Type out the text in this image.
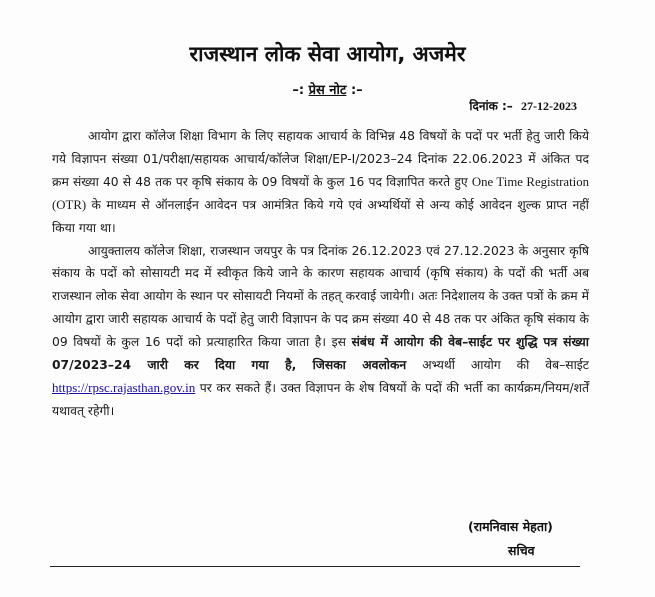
राजस्थान लोक सेवा आयोग, अजमेर
–: प्रेस नोट :–
दिनांक :– 27-12-2023

आयोग द्वारा कॉलेज शिक्षा विभाग के लिए सहायक आचार्य के विभिन्न 48 विषयों के पदों पर भर्ती हेतु जारी किये गये विज्ञापन संख्या 01/परीक्षा/सहायक आचार्य/कॉलेज शिक्षा/EP-I/2023–24 दिनांक 22.06.2023 में अंकित पद क्रम संख्या 40 से 48 तक पर कृषि संकाय के 09 विषयों के कुल 16 पद विज्ञापित करते हुए One Time Registration (OTR) के माध्यम से ऑनलाईन आवेदन पत्र आमंत्रित किये गये एवं अभ्यर्थियों से अन्य कोई आवेदन शुल्क प्राप्त नहीं किया गया था।

आयुक्तालय कॉलेज शिक्षा, राजस्थान जयपुर के पत्र दिनांक 26.12.2023 एवं 27.12.2023 के अनुसार कृषि संकाय के पदों को सोसायटी मद में स्वीकृत किये जाने के कारण सहायक आचार्य (कृषि संकाय) के पदों की भर्ती अब राजस्थान लोक सेवा आयोग के स्थान पर सोसायटी नियमों के तहत् करवाई जायेगी। अतः निदेशालय के उक्त पत्रों के क्रम में आयोग द्वारा जारी सहायक आचार्य के पदों हेतु जारी विज्ञापन के पद क्रम संख्या 40 से 48 तक पर अंकित कृषि संकाय के 09 विषयों के कुल 16 पदों को प्रत्याहारित किया जाता है। इस संबंध में आयोग की वेब–साईट पर शुद्धि पत्र संख्या 07/2023–24 जारी कर दिया गया है, जिसका अवलोकन अभ्यर्थी आयोग की वेब–साईट https://rpsc.rajasthan.gov.in पर कर सकते हैं। उक्त विज्ञापन के शेष विषयों के पदों की भर्ती का कार्यक्रम/नियम/शर्तें यथावत् रहेगी।

(रामनिवास मेहता)
सचिव
